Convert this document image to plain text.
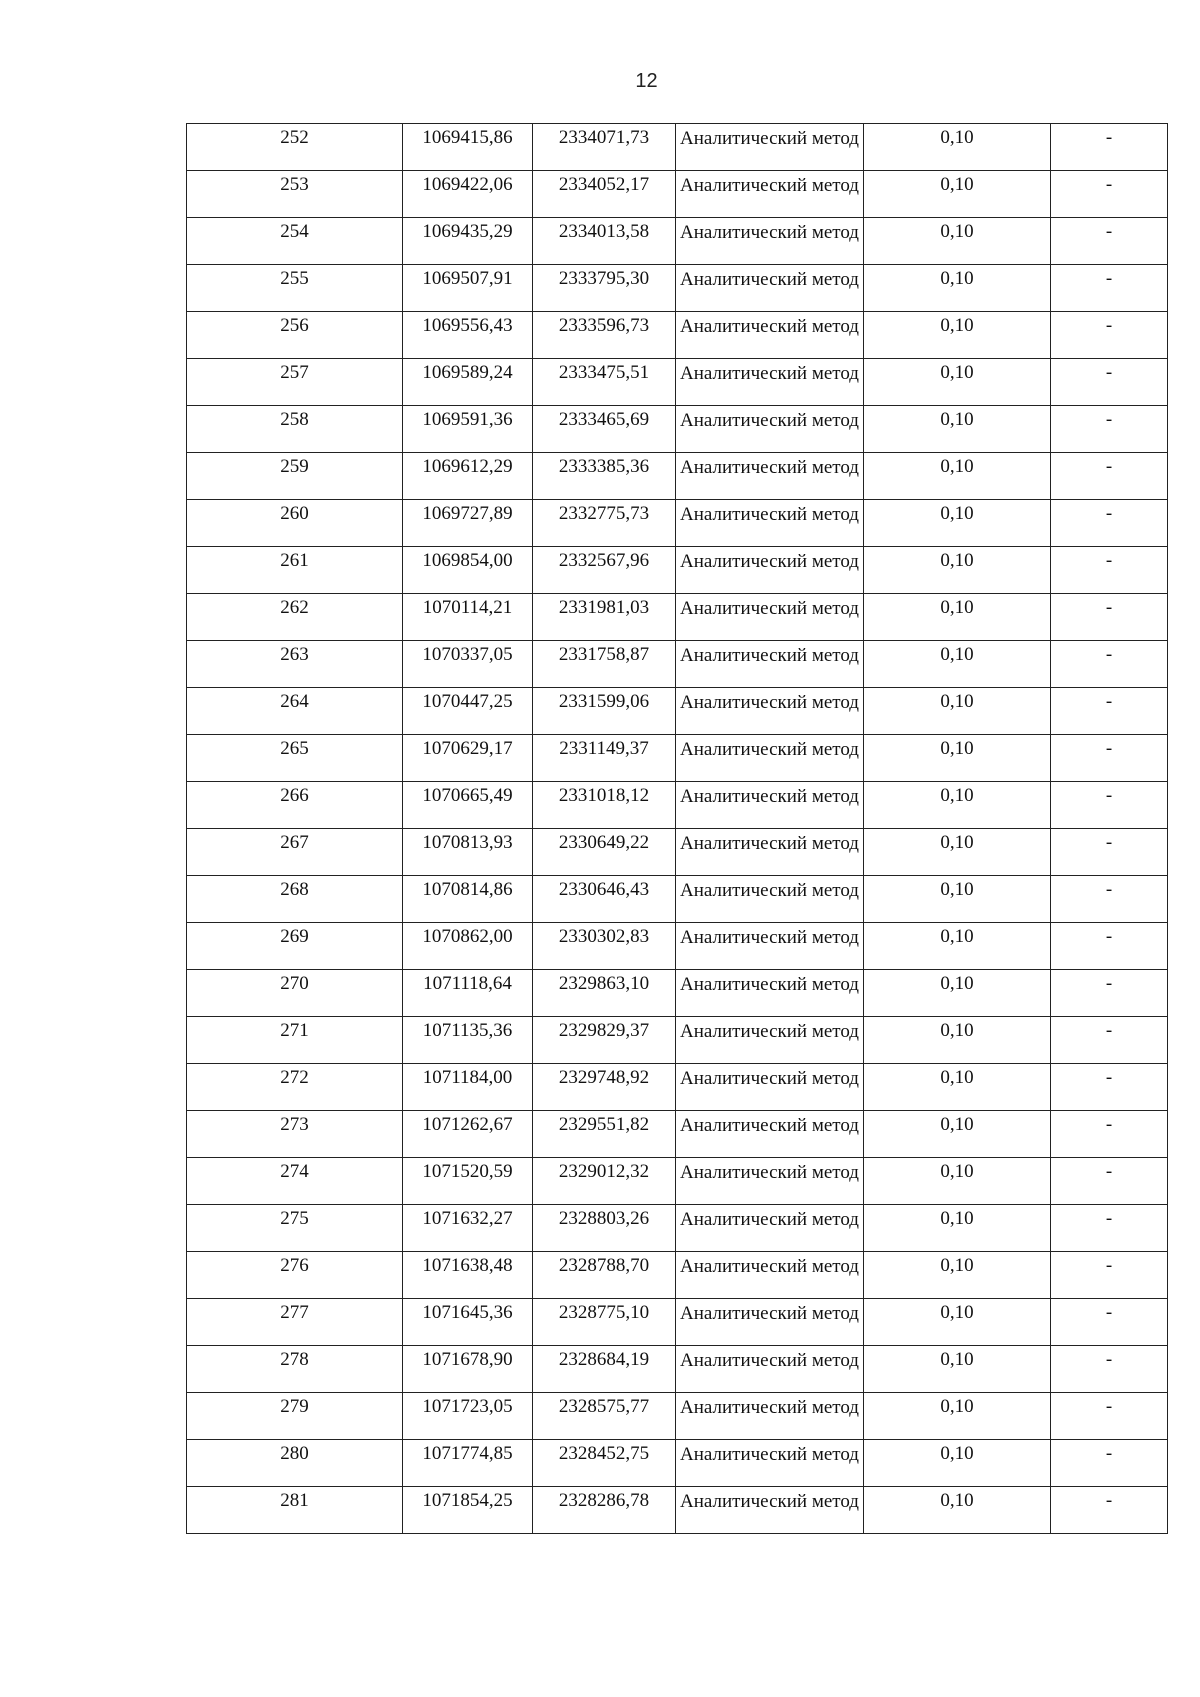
12
252	1069415,86	2334071,73	Аналитический метод	0,10	-

253	1069422,06	2334052,17	Аналитический метод	0,10	-

254	1069435,29	2334013,58	Аналитический метод	0,10	-

255	1069507,91	2333795,30	Аналитический метод	0,10	-

256	1069556,43	2333596,73	Аналитический метод	0,10	-

257	1069589,24	2333475,51	Аналитический метод	0,10	-

258	1069591,36	2333465,69	Аналитический метод	0,10	-

259	1069612,29	2333385,36	Аналитический метод	0,10	-

260	1069727,89	2332775,73	Аналитический метод	0,10	-

261	1069854,00	2332567,96	Аналитический метод	0,10	-

262	1070114,21	2331981,03	Аналитический метод	0,10	-

263	1070337,05	2331758,87	Аналитический метод	0,10	-

264	1070447,25	2331599,06	Аналитический метод	0,10	-

265	1070629,17	2331149,37	Аналитический метод	0,10	-

266	1070665,49	2331018,12	Аналитический метод	0,10	-

267	1070813,93	2330649,22	Аналитический метод	0,10	-

268	1070814,86	2330646,43	Аналитический метод	0,10	-

269	1070862,00	2330302,83	Аналитический метод	0,10	-

270	1071118,64	2329863,10	Аналитический метод	0,10	-

271	1071135,36	2329829,37	Аналитический метод	0,10	-

272	1071184,00	2329748,92	Аналитический метод	0,10	-

273	1071262,67	2329551,82	Аналитический метод	0,10	-

274	1071520,59	2329012,32	Аналитический метод	0,10	-

275	1071632,27	2328803,26	Аналитический метод	0,10	-

276	1071638,48	2328788,70	Аналитический метод	0,10	-

277	1071645,36	2328775,10	Аналитический метод	0,10	-

278	1071678,90	2328684,19	Аналитический метод	0,10	-

279	1071723,05	2328575,77	Аналитический метод	0,10	-

280	1071774,85	2328452,75	Аналитический метод	0,10	-

281	1071854,25	2328286,78	Аналитический метод	0,10	-
